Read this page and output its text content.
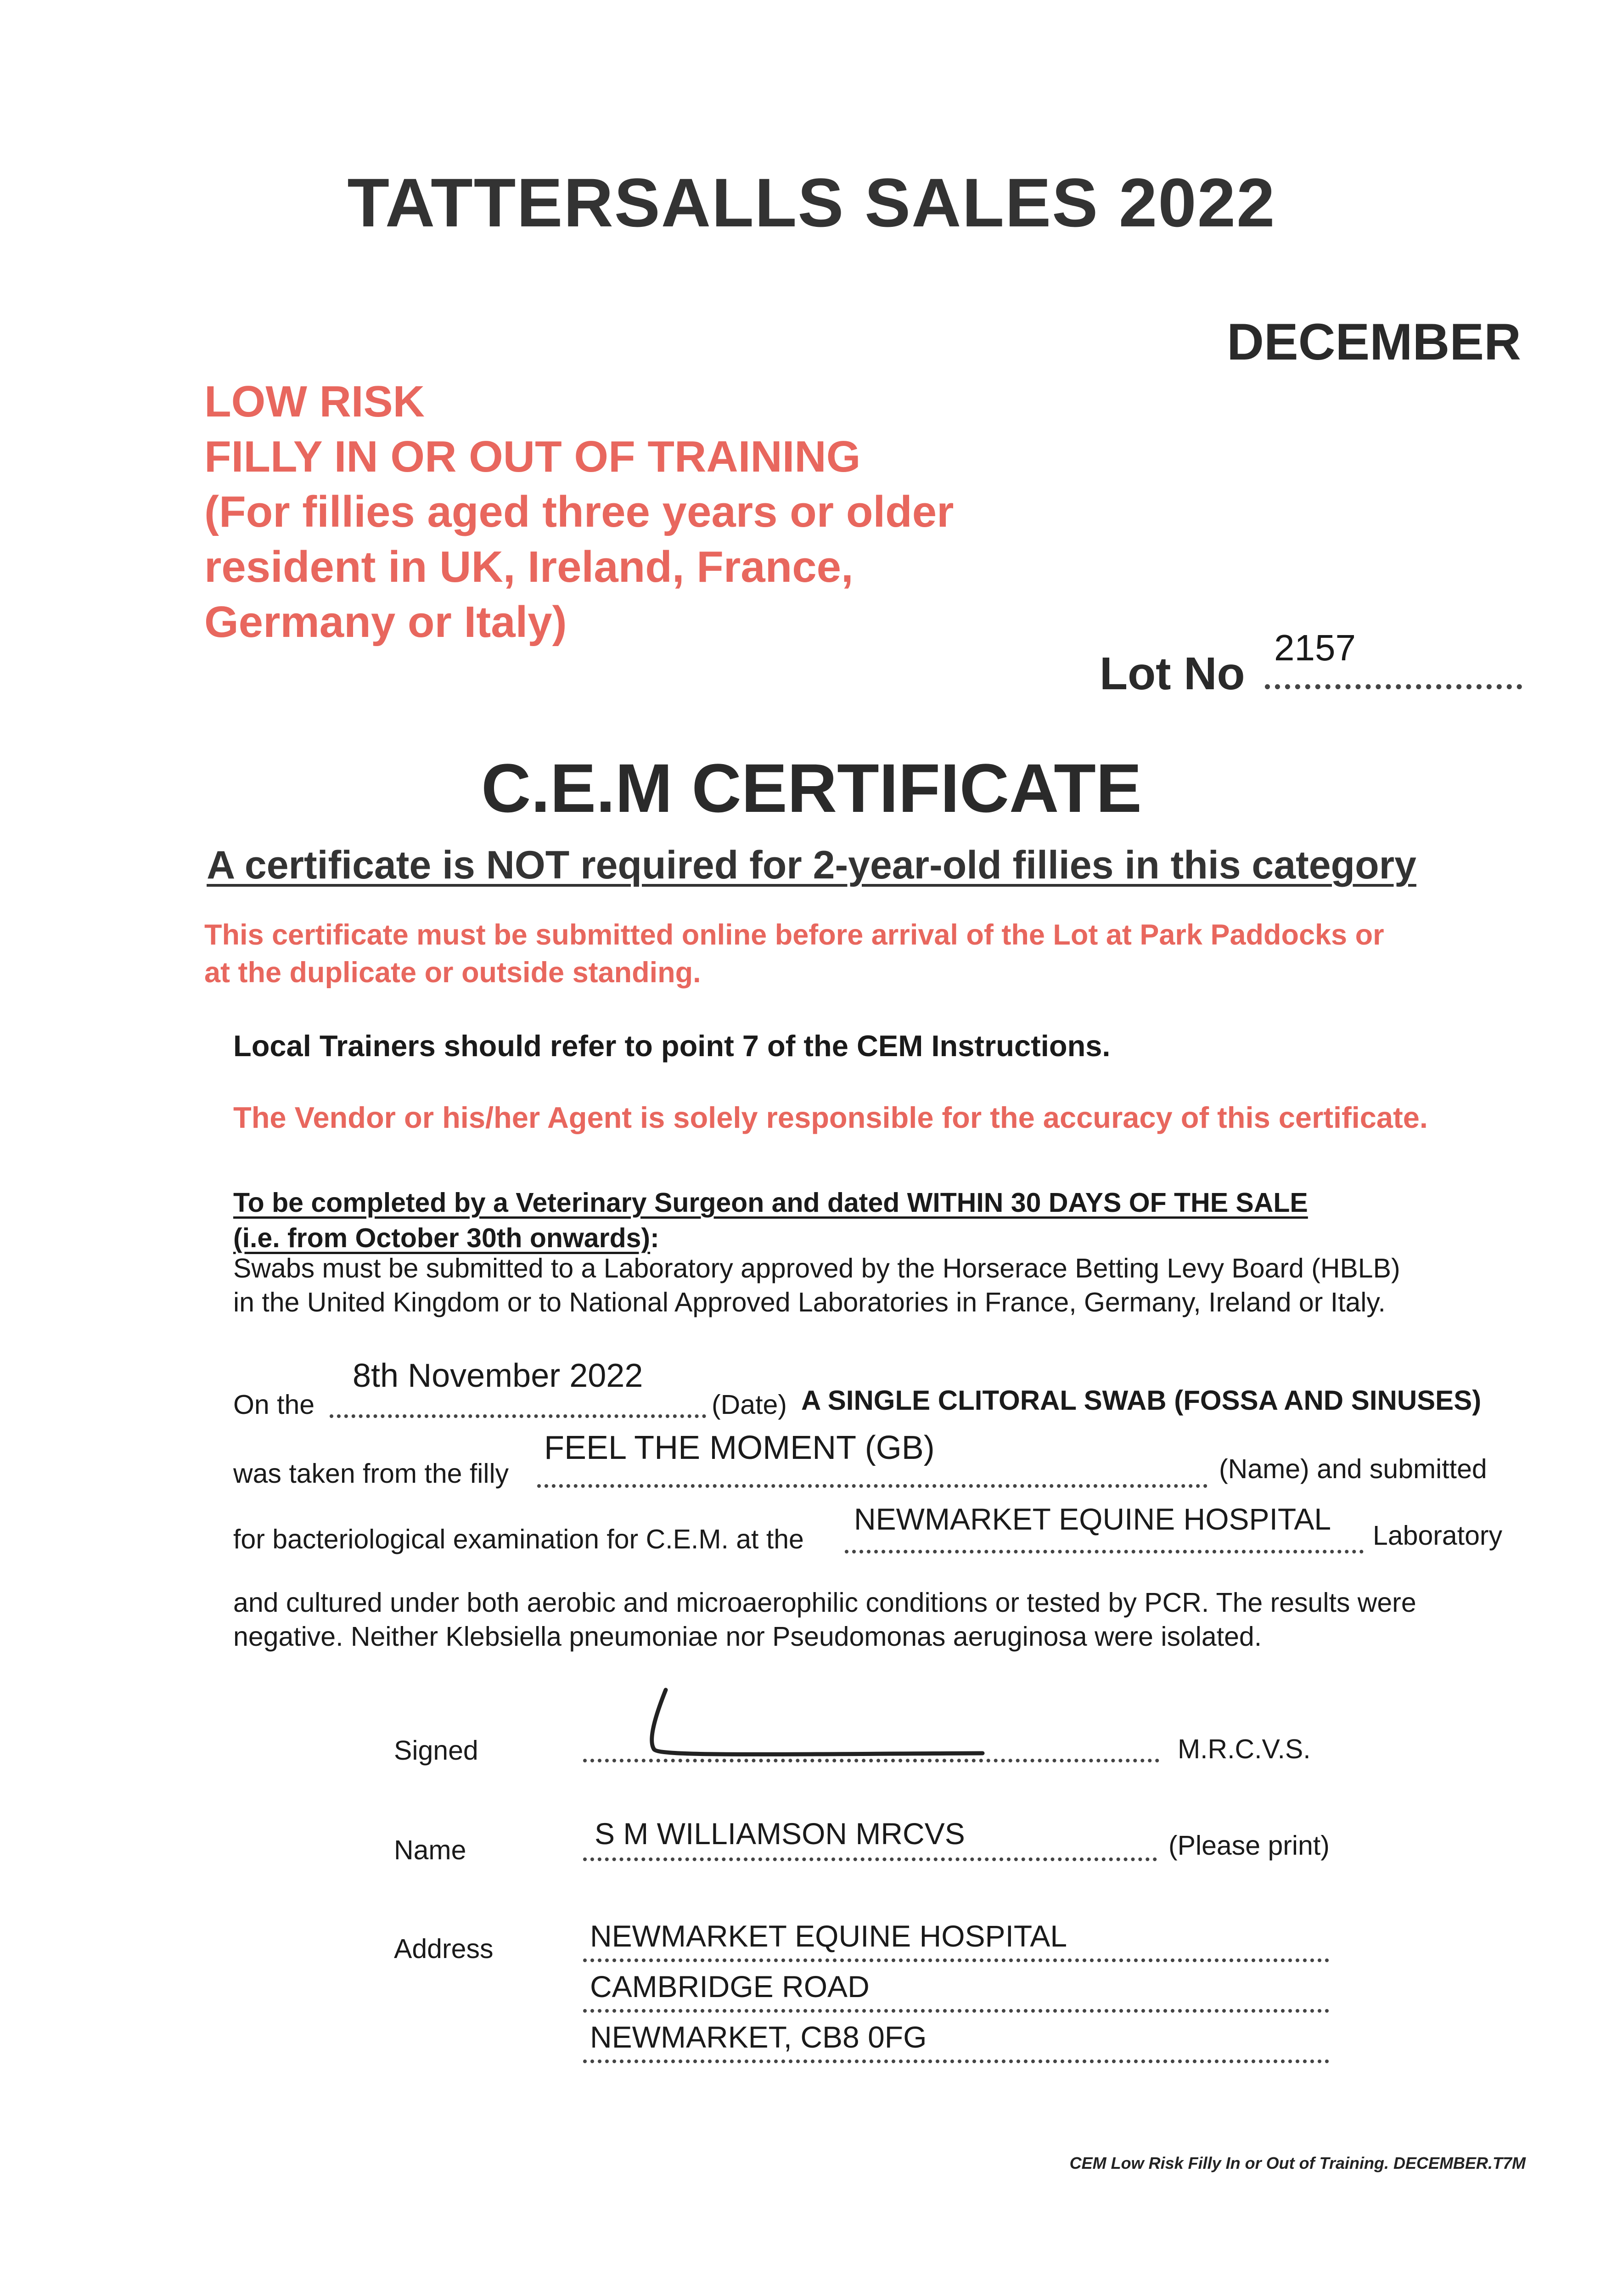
TATTERSALLS SALES 2022
DECEMBER
LOW RISK
FILLY IN OR OUT OF TRAINING
(For fillies aged three years or older
resident in UK, Ireland, France,
Germany or Italy)
Lot No
2157
C.E.M CERTIFICATE
A certificate is NOT required for 2-year-old fillies in this category
This certificate must be submitted online before arrival of the Lot at Park Paddocks or
at the duplicate or outside standing.
Local Trainers should refer to point 7 of the CEM Instructions.
The Vendor or his/her Agent is solely responsible for the accuracy of this certificate.
To be completed by a Veterinary Surgeon and dated WITHIN 30 DAYS OF THE SALE
(i.e. from October 30th onwards):
Swabs must be submitted to a Laboratory approved by the Horserace Betting Levy Board (HBLB)
in the United Kingdom or to National Approved Laboratories in France, Germany, Ireland or Italy.
On the
8th November 2022
(Date) A SINGLE CLITORAL SWAB (FOSSA AND SINUSES)
was taken from the filly
FEEL THE MOMENT (GB)
(Name) and submitted
for bacteriological examination for C.E.M. at the
NEWMARKET EQUINE HOSPITAL Laboratory
and cultured under both aerobic and microaerophilic conditions or tested by PCR. The results were
negative. Neither Klebsiella pneumoniae nor Pseudomonas aeruginosa were isolated.
Signed	M.R.C.V.S.
Name	S M WILLIAMSON MRCVS	(Please print)
Address	NEWMARKET EQUINE HOSPITAL
CAMBRIDGE ROAD
NEWMARKET, CB8 0FG
CEM Low Risk Filly In or Out of Training. DECEMBER.T7M
